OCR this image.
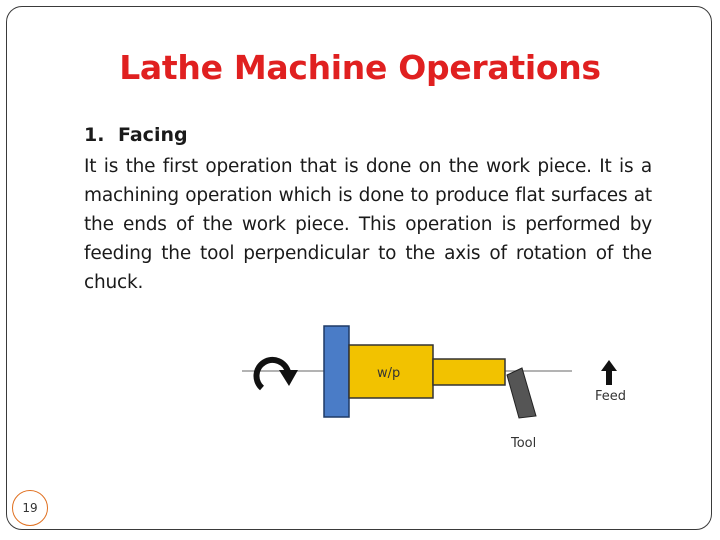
Lathe Machine Operations
1. Facing

It is the first operation that is done on the work piece. It is a machining operation which is done to produce flat surfaces at the ends of the work piece. This operation is performed by feeding the tool perpendicular to the axis of rotation of the chuck.

w/p
Feed
Tool
19
